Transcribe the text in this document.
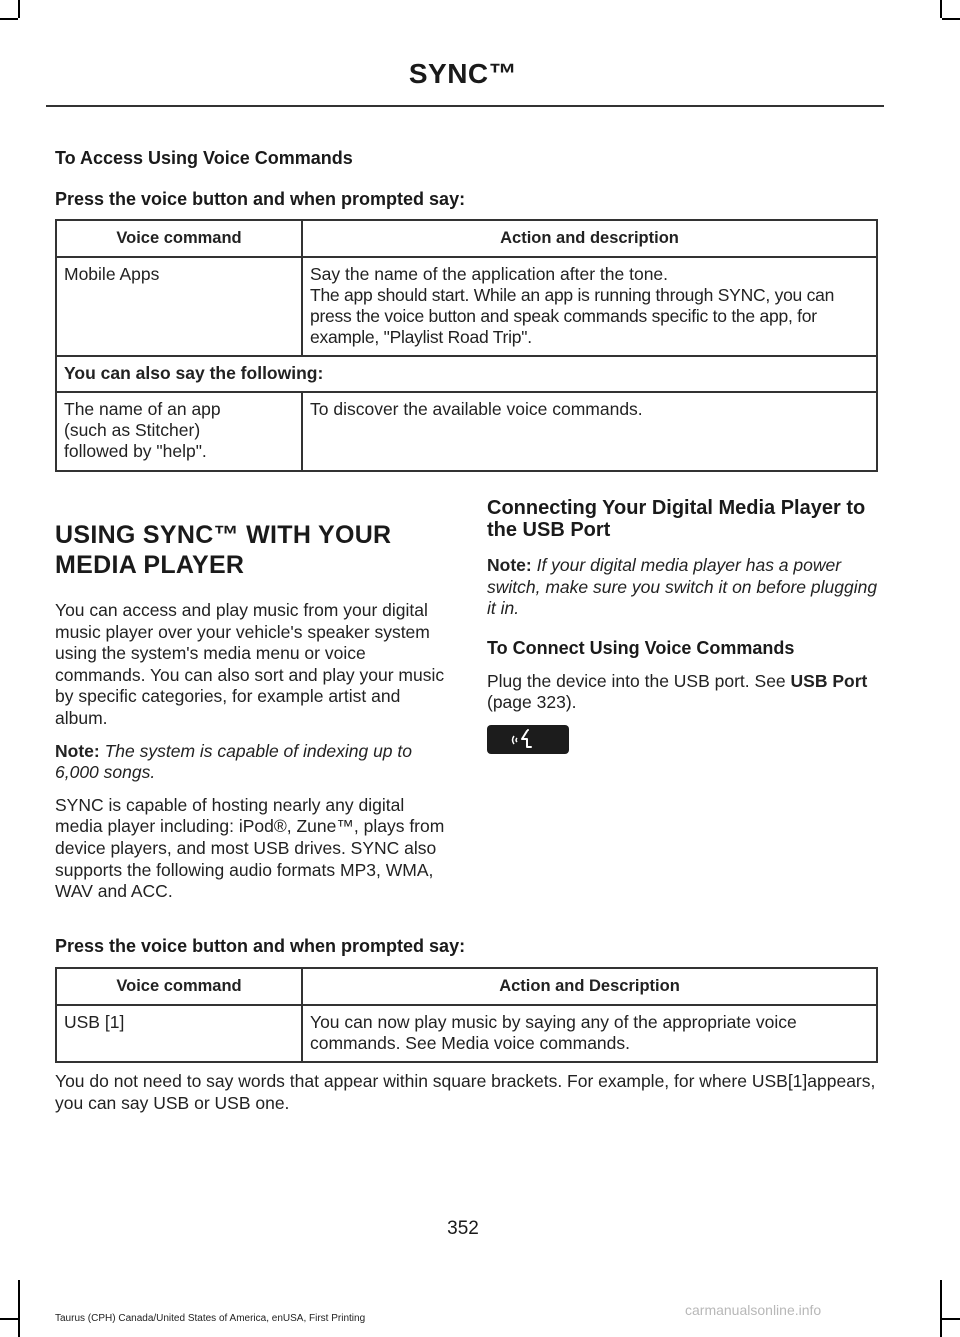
SYNC™
To Access Using Voice Commands
Press the voice button and when prompted say:
Voice command	Action and description
Mobile Apps	Say the name of the application after the tone.
The app should start. While an app is running through SYNC, you can press the voice button and speak commands specific to the app, for example, "Playlist Road Trip".

You can also say the following:	
The name of an app (such as Stitcher) followed by "help".	To discover the available voice commands.
USING SYNC™ WITH YOUR
MEDIA PLAYER

You can access and play music from your digital music player over your vehicle's speaker system using the system's media menu or voice commands. You can also sort and play your music by specific categories, for example artist and album.

Note: The system is capable of indexing up to 6,000 songs.

SYNC is capable of hosting nearly any digital media player including: iPod®, Zune™, plays from device players, and most USB drives. SYNC also supports the following audio formats MP3, WMA, WAV and ACC.

Connecting Your Digital Media Player to the USB Port

Note: If your digital media player has a power switch, make sure you switch it on before plugging it in.

To Connect Using Voice Commands

Plug the device into the USB port. See USB Port (page 323).

Press the voice button and when prompted say:
Voice command	Action and Description
USB [1]	You can now play music by saying any of the appropriate voice commands. See Media voice commands.

You do not need to say words that appear within square brackets. For example, for where USB[1]appears, you can say USB or USB one.

352
Taurus (CPH) Canada/United States of America, enUSA, First Printing
carmanualsonline.info
